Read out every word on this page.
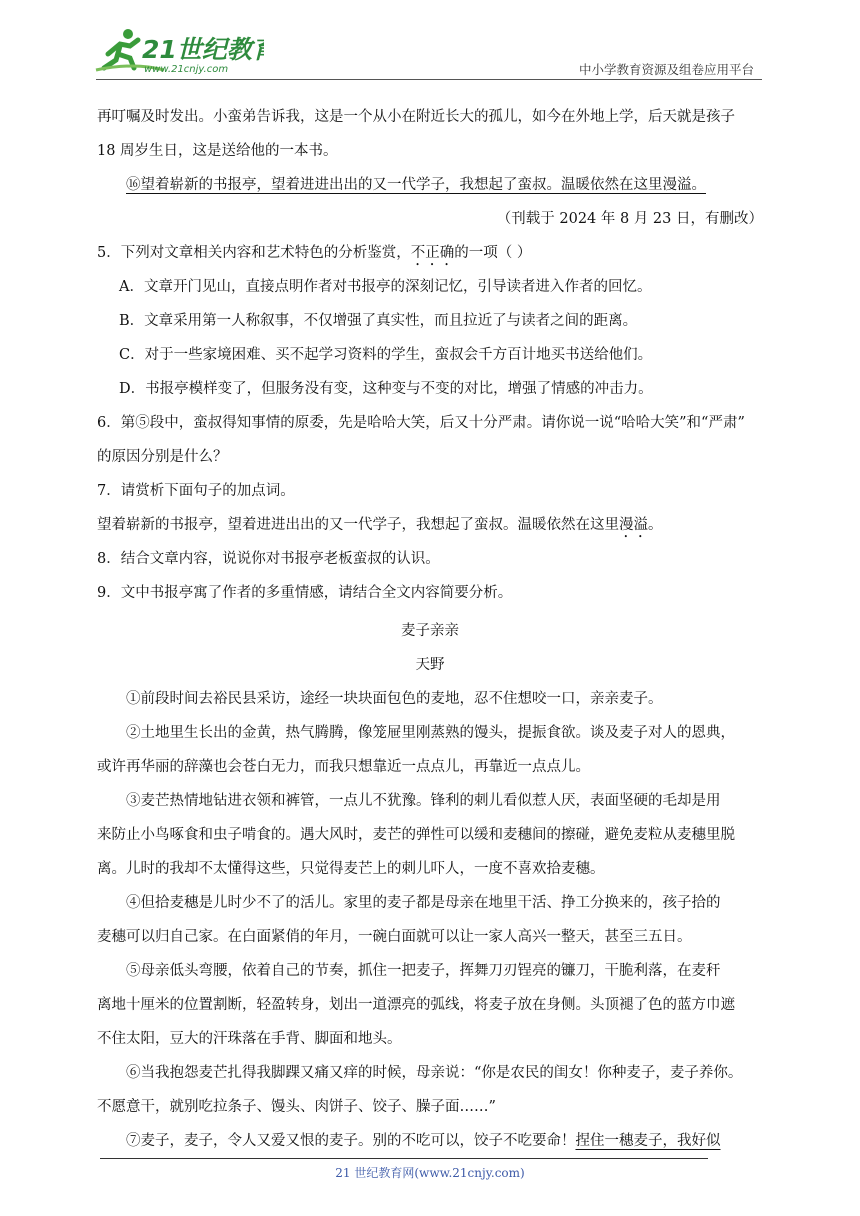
21世纪教育
www.21cnjy.com	中小学教育资源及组卷应用平台

再叮嘱及时发出。小蛮弟告诉我，这是一个从小在附近长大的孤儿，如今在外地上学，后天就是孩子

18 周岁生日，这是送给他的一本书。

⑯望着崭新的书报亭，望着进进出出的又一代学子，我想起了蛮叔。温暖依然在这里漫溢。

（刊载于 2024 年 8 月 23 日，有删改）

5．下列对文章相关内容和艺术特色的分析鉴赏，不正确的一项（ ）

A．文章开门见山，直接点明作者对书报亭的深刻记忆，引导读者进入作者的回忆。

B．文章采用第一人称叙事，不仅增强了真实性，而且拉近了与读者之间的距离。

C．对于一些家境困难、买不起学习资料的学生，蛮叔会千方百计地买书送给他们。

D．书报亭模样变了，但服务没有变，这种变与不变的对比，增强了情感的冲击力。

6．第⑤段中，蛮叔得知事情的原委，先是哈哈大笑，后又十分严肃。请你说一说“哈哈大笑”和“严肃”

的原因分别是什么？

7．请赏析下面句子的加点词。

望着崭新的书报亭，望着进进出出的又一代学子，我想起了蛮叔。温暖依然在这里漫溢。

8．结合文章内容，说说你对书报亭老板蛮叔的认识。

9．文中书报亭寓了作者的多重情感，请结合全文内容简要分析。

麦子亲亲

天野

①前段时间去裕民县采访，途经一块块面包色的麦地，忍不住想咬一口，亲亲麦子。

②土地里生长出的金黄，热气腾腾，像笼屉里刚蒸熟的馒头，提振食欲。谈及麦子对人的恩典，

或许再华丽的辞藻也会苍白无力，而我只想靠近一点点儿，再靠近一点点儿。

③麦芒热情地钻进衣领和裤管，一点儿不犹豫。锋利的刺儿看似惹人厌，表面坚硬的毛却是用

来防止小鸟啄食和虫子啃食的。遇大风时，麦芒的弹性可以缓和麦穗间的擦碰，避免麦粒从麦穗里脱

离。儿时的我却不太懂得这些，只觉得麦芒上的刺儿吓人，一度不喜欢拾麦穗。

④但拾麦穗是儿时少不了的活儿。家里的麦子都是母亲在地里干活、挣工分换来的，孩子拾的

麦穗可以归自己家。在白面紧俏的年月，一碗白面就可以让一家人高兴一整天，甚至三五日。

⑤母亲低头弯腰，依着自己的节奏，抓住一把麦子，挥舞刀刃锃亮的镰刀，干脆利落，在麦秆

离地十厘米的位置割断，轻盈转身，划出一道漂亮的弧线，将麦子放在身侧。头顶褪了色的蓝方巾遮

不住太阳，豆大的汗珠落在手背、脚面和地头。

⑥当我抱怨麦芒扎得我脚踝又痛又痒的时候，母亲说：“你是农民的闺女！你种麦子，麦子养你。

不愿意干，就别吃拉条子、馒头、肉饼子、饺子、臊子面……”

⑦麦子，麦子，令人又爱又恨的麦子。别的不吃可以，饺子不吃要命！捏住一穗麦子，我好似

21 世纪教育网(www.21cnjy.com)
